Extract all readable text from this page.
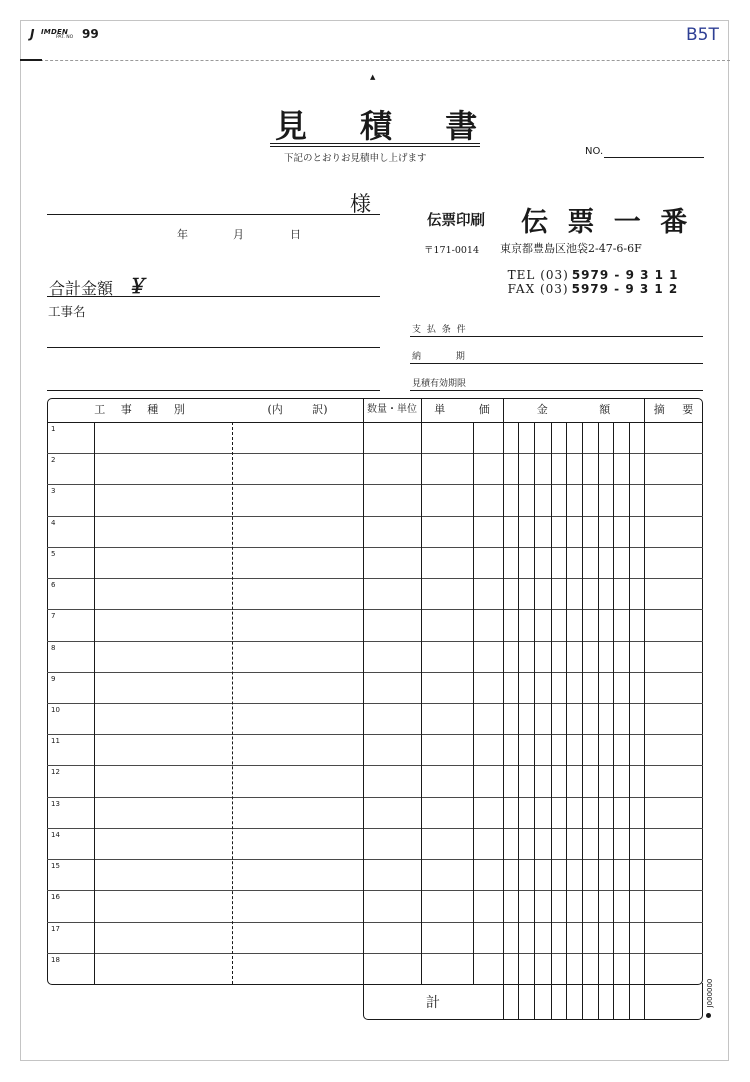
J IMDEN
PAT. NO 99	B5T
▲
見 積 書
下記のとおりお見積申し上げます
NO.
様
年	月	日
伝票印刷 伝 票 一 番
〒171-0014 東京都豊島区池袋2-47-6-6F

TEL (03) 5979 - 9 3 1 1

FAX (03) 5979 - 9 3 1 2

合計金額 ￥
工事名
支 払 条 件
納 期
見積有効期限
工 事 種 別	(内 訳)	数量・単位	単 価	金 額	摘 要
1
2
3
4
5
6
7
8
9
10
11
12
13
14
15
16
17
18
計	J000000
